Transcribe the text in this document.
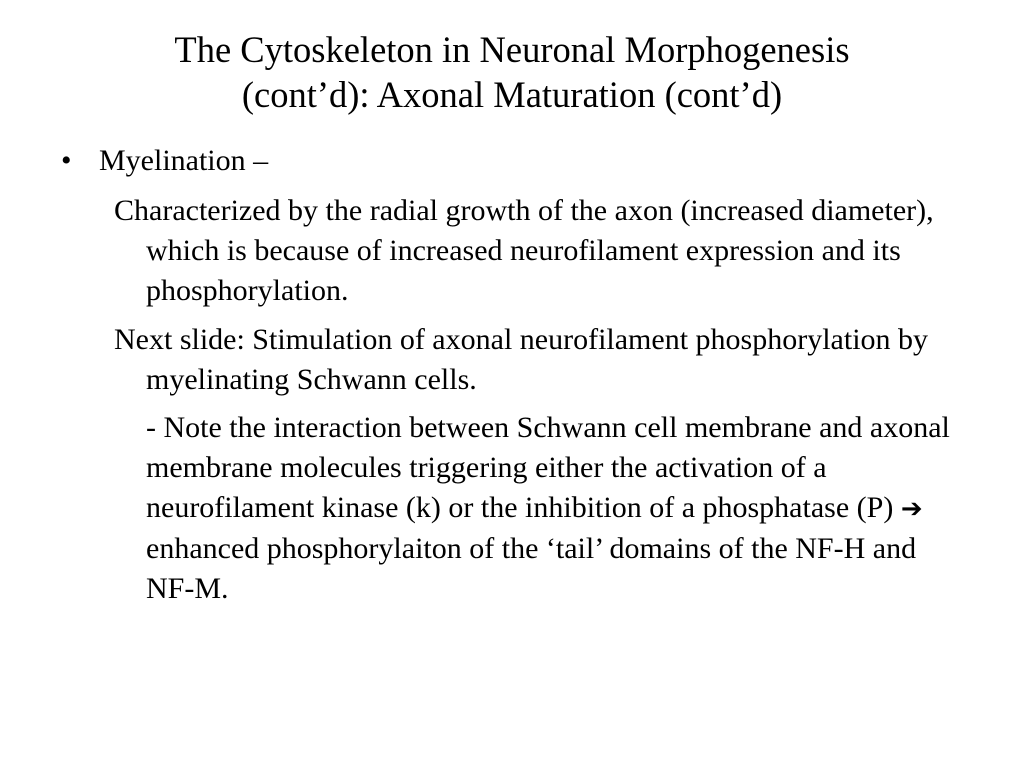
The Cytoskeleton in Neuronal Morphogenesis
(cont’d): Axonal Maturation (cont’d)
• Myelination –

Characterized by the radial growth of the axon (increased diameter), which is because of increased neurofilament expression and its phosphorylation.

Next slide: Stimulation of axonal neurofilament phosphorylation by myelinating Schwann cells.

- Note the interaction between Schwann cell membrane and axonal membrane molecules triggering either the activation of a neurofilament kinase (k) or the inhibition of a phosphatase (P) ➔ enhanced phosphorylaiton of the ‘tail’ domains of the NF-H and NF-M.
